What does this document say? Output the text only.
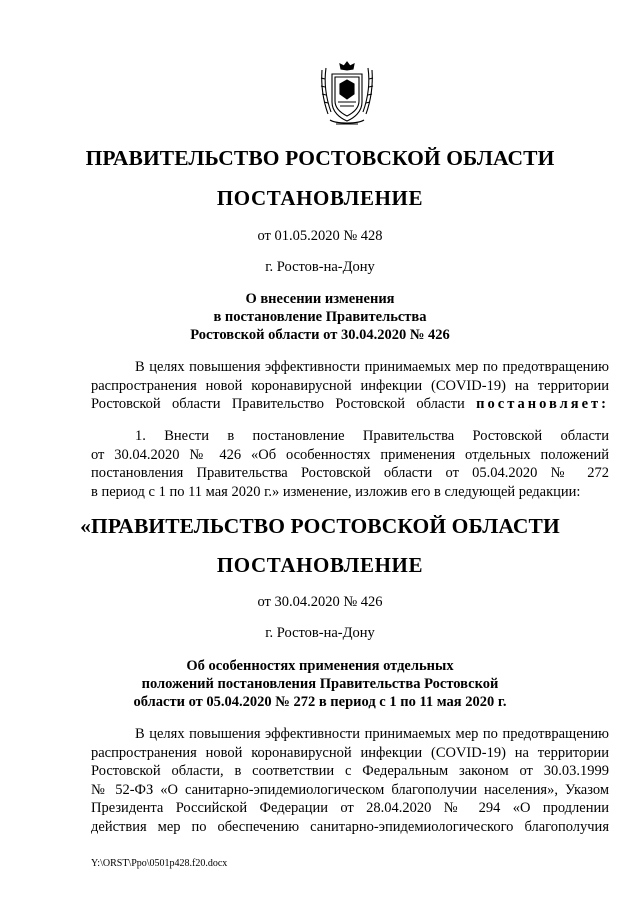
ПРАВИТЕЛЬСТВО РОСТОВСКОЙ ОБЛАСТИ
ПОСТАНОВЛЕНИЕ
от 01.05.2020 № 428
г. Ростов-на-Дону
О внесении изменения
в постановление Правительства
Ростовской области от 30.04.2020 № 426
В целях повышения эффективности принимаемых мер по предотвращению
распространения новой коронавирусной инфекции (COVID-19) на территории
Ростовской области Правительство Ростовской области постановляет:
1. Внести в постановление Правительства Ростовской области
от 30.04.2020 № 426 «Об особенностях применения отдельных положений
постановления Правительства Ростовской области от 05.04.2020 № 272
в период с 1 по 11 мая 2020 г.» изменение, изложив его в следующей редакции:
«ПРАВИТЕЛЬСТВО РОСТОВСКОЙ ОБЛАСТИ
ПОСТАНОВЛЕНИЕ
от 30.04.2020 № 426
г. Ростов-на-Дону
Об особенностях применения отдельных
положений постановления Правительства Ростовской
области от 05.04.2020 № 272 в период с 1 по 11 мая 2020 г.
В целях повышения эффективности принимаемых мер по предотвращению
распространения новой коронавирусной инфекции (COVID-19) на территории
Ростовской области, в соответствии с Федеральным законом от 30.03.1999
№ 52-ФЗ «О санитарно-эпидемиологическом благополучии населения», Указом
Президента Российской Федерации от 28.04.2020 № 294 «О продлении
действия мер по обеспечению санитарно-эпидемиологического благополучия
Y:\ORST\Ppo\0501p428.f20.docx
